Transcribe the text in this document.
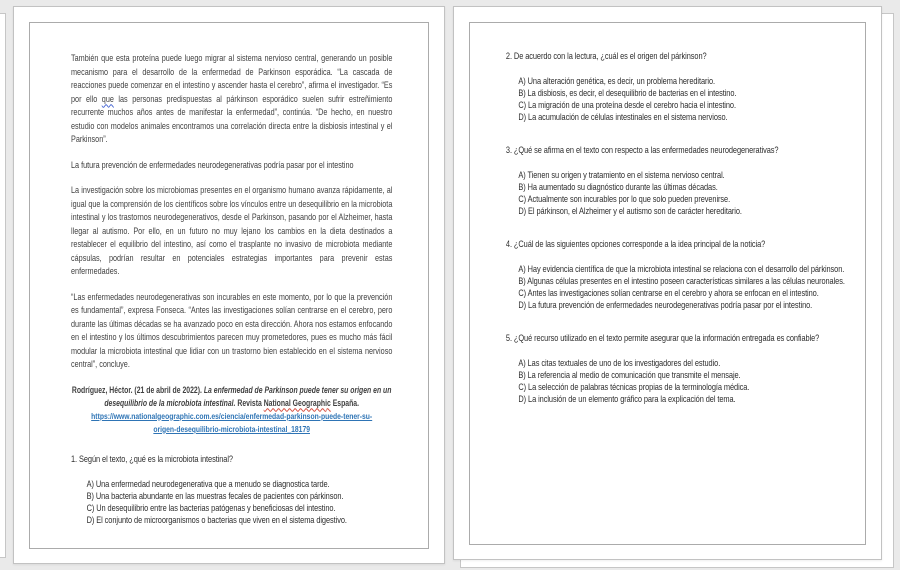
También que esta proteína puede luego migrar al sistema nervioso central, generando un posible mecanismo para el desarrollo de la enfermedad de Parkinson esporádica. “La cascada de reacciones puede comenzar en el intestino y ascender hasta el cerebro”, afirma el investigador. “Es por ello que las personas predispuestas al párkinson esporádico suelen sufrir estreñimiento recurrente muchos años antes de manifestar la enfermedad”, continúa. “De hecho, en nuestro estudio con modelos animales encontramos una correlación directa entre la disbiosis intestinal y el Parkinson”.

La futura prevención de enfermedades neurodegenerativas podría pasar por el intestino

La investigación sobre los microbiomas presentes en el organismo humano avanza rápidamente, al igual que la comprensión de los científicos sobre los vínculos entre un desequilibrio en la microbiota intestinal y los trastornos neurodegenerativos, desde el Parkinson, pasando por el Alzheimer, hasta llegar al autismo. Por ello, en un futuro no muy lejano los cambios en la dieta destinados a restablecer el equilibrio del intestino, así como el trasplante no invasivo de microbiota mediante cápsulas, podrían resultar en potenciales estrategias importantes para prevenir estas enfermedades.

“Las enfermedades neurodegenerativas son incurables en este momento, por lo que la prevención es fundamental”, expresa Fonseca. “Antes las investigaciones solían centrarse en el cerebro, pero durante las últimas décadas se ha avanzado poco en esta dirección. Ahora nos estamos enfocando en el intestino y los últimos descubrimientos parecen muy prometedores, pues es mucho más fácil modular la microbiota intestinal que lidiar con un trastorno bien establecido en el sistema nervioso central”, concluye.

Rodríguez, Héctor. (21 de abril de 2022). La enfermedad de Parkinson puede tener su origen en un desequilibrio de la microbiota intestinal. Revista National Geographic España.
https://www.nationalgeographic.com.es/ciencia/enfermedad-parkinson-puede-tener-su-
origen-desequilibrio-microbiota-intestinal_18179

1. Según el texto, ¿qué es la microbiota intestinal?
A) Una enfermedad neurodegenerativa que a menudo se diagnostica tarde.
B) Una bacteria abundante en las muestras fecales de pacientes con párkinson.
C) Un desequilibrio entre las bacterias patógenas y beneficiosas del intestino.
D) El conjunto de microorganismos o bacterias que viven en el sistema digestivo.
2. De acuerdo con la lectura, ¿cuál es el origen del párkinson?
A) Una alteración genética, es decir, un problema hereditario.
B) La disbiosis, es decir, el desequilibrio de bacterias en el intestino.
C) La migración de una proteína desde el cerebro hacia el intestino.
D) La acumulación de células intestinales en el sistema nervioso.
3. ¿Qué se afirma en el texto con respecto a las enfermedades neurodegenerativas?
A) Tienen su origen y tratamiento en el sistema nervioso central.
B) Ha aumentado su diagnóstico durante las últimas décadas.
C) Actualmente son incurables por lo que solo pueden prevenirse.
D) El párkinson, el Alzheimer y el autismo son de carácter hereditario.
4. ¿Cuál de las siguientes opciones corresponde a la idea principal de la noticia?
A) Hay evidencia científica de que la microbiota intestinal se relaciona con el desarrollo del párkinson.
B) Algunas células presentes en el intestino poseen características similares a las células neuronales.
C) Antes las investigaciones solían centrarse en el cerebro y ahora se enfocan en el intestino.
D) La futura prevención de enfermedades neurodegenerativas podría pasar por el intestino.
5. ¿Qué recurso utilizado en el texto permite asegurar que la información entregada es confiable?
A) Las citas textuales de uno de los investigadores del estudio.
B) La referencia al medio de comunicación que transmite el mensaje.
C) La selección de palabras técnicas propias de la terminología médica.
D) La inclusión de un elemento gráfico para la explicación del tema.
